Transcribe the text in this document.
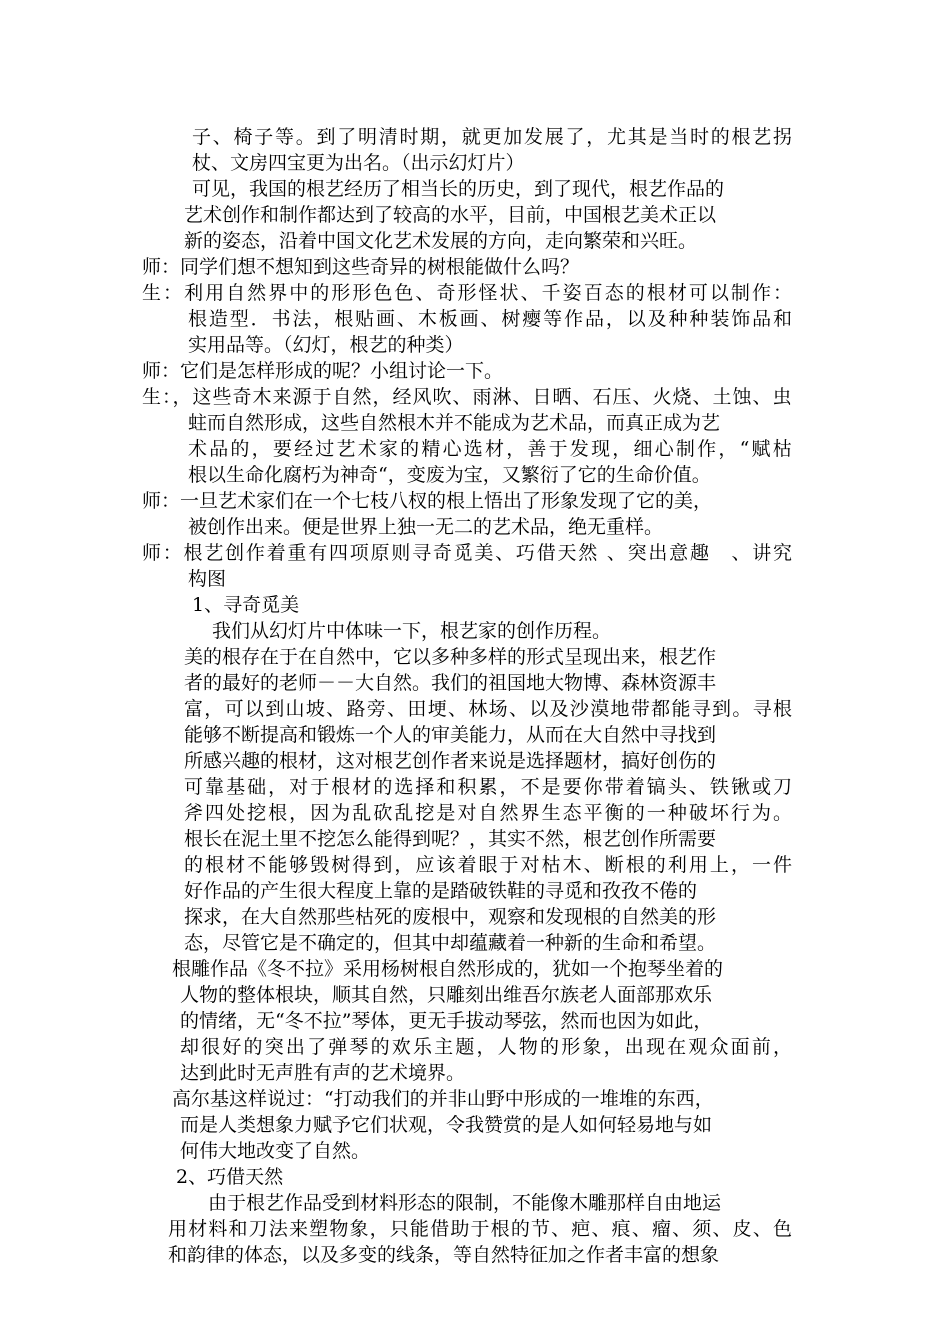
子、椅子等。到了明清时期，就更加发展了，尤其是当时的根艺拐
杖、文房四宝更为出名。（出示幻灯片）
可见，我国的根艺经历了相当长的历史，到了现代，根艺作品的
艺术创作和制作都达到了较高的水平，目前，中国根艺美术正以
新的姿态，沿着中国文化艺术发展的方向，走向繁荣和兴旺。
师：同学们想不想知到这些奇异的树根能做什么吗？
生：利用自然界中的形形色色、奇形怪状、千姿百态的根材可以制作：
根造型．书法，根贴画、木板画、树瘿等作品，以及种种装饰品和
实用品等。（幻灯，根艺的种类）
师：它们是怎样形成的呢？小组讨论一下。
生：，这些奇木来源于自然，经风吹、雨淋、日晒、石压、火烧、土蚀、虫
蛀而自然形成，这些自然根木并不能成为艺术品，而真正成为艺
术品的，要经过艺术家的精心选材，善于发现，细心制作，“赋枯
根以生命化腐朽为神奇“，变废为宝，又繁衍了它的生命价值。
师：一旦艺术家们在一个七枝八杈的根上悟出了形象发现了它的美，
被创作出来。便是世界上独一无二的艺术品，绝无重样。
师：根艺创作着重有四项原则寻奇觅美、巧借天然 、突出意趣　、讲究
构图
1、寻奇觅美
我们从幻灯片中体味一下，根艺家的创作历程。
美的根存在于在自然中，它以多种多样的形式呈现出来，根艺作
者的最好的老师－－大自然。我们的祖国地大物博、森林资源丰
富，可以到山坡、路旁、田埂、林场、以及沙漠地带都能寻到。寻根
能够不断提高和锻炼一个人的审美能力，从而在大自然中寻找到
所感兴趣的根材，这对根艺创作者来说是选择题材，搞好创伤的
可靠基础，对于根材的选择和积累，不是要你带着镐头、铁锹或刀
斧四处挖根，因为乱砍乱挖是对自然界生态平衡的一种破坏行为。
根长在泥土里不挖怎么能得到呢？，其实不然，根艺创作所需要
的根材不能够毁树得到，应该着眼于对枯木、断根的利用上，一件
好作品的产生很大程度上靠的是踏破铁鞋的寻觅和孜孜不倦的
探求，在大自然那些枯死的废根中，观察和发现根的自然美的形
态，尽管它是不确定的，但其中却蕴藏着一种新的生命和希望。
根雕作品《冬不拉》采用杨树根自然形成的，犹如一个抱琴坐着的
人物的整体根块，顺其自然，只雕刻出维吾尔族老人面部那欢乐
的情绪，无“冬不拉”琴体，更无手拔动琴弦，然而也因为如此，
却很好的突出了弹琴的欢乐主题，人物的形象，出现在观众面前，
达到此时无声胜有声的艺术境界。
高尔基这样说过：“打动我们的并非山野中形成的一堆堆的东西，
而是人类想象力赋予它们状观，令我赞赏的是人如何轻易地与如
何伟大地改变了自然。
2、巧借天然
由于根艺作品受到材料形态的限制，不能像木雕那样自由地运
用材料和刀法来塑物象，只能借助于根的节、疤、痕、瘤、须、皮、色
和韵律的体态，以及多变的线条，等自然特征加之作者丰富的想象
